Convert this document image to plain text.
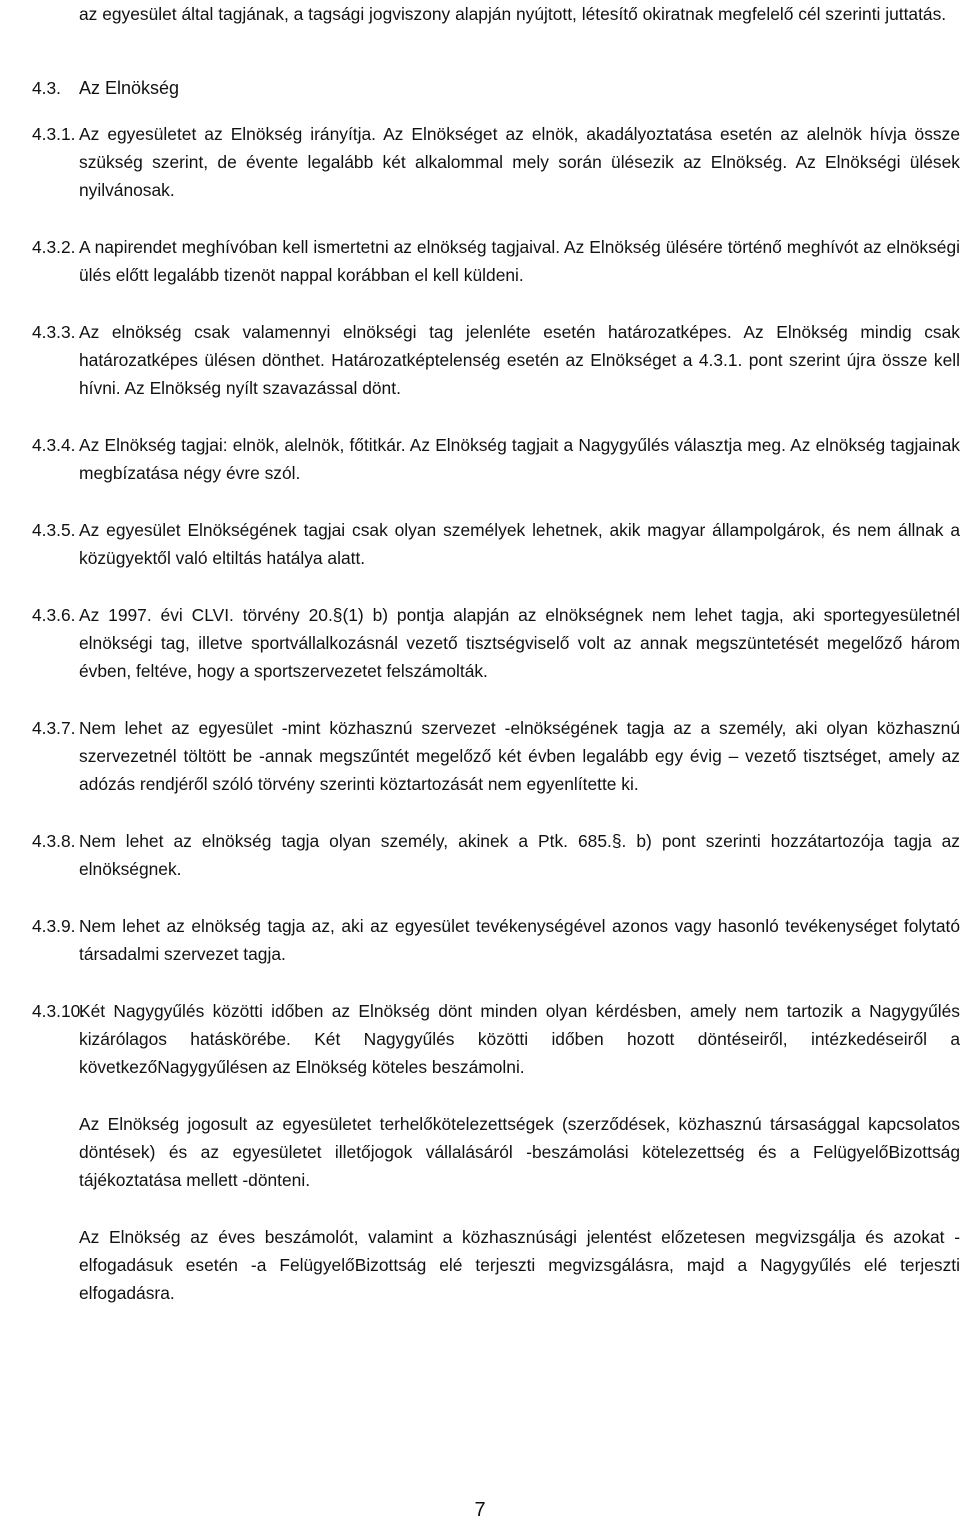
az egyesület által tagjának, a tagsági jogviszony alapján nyújtott, létesítő okiratnak megfelelő cél szerinti juttatás.

4.3. Az Elnökség
4.3.1. Az egyesületet az Elnökség irányítja. Az Elnökséget az elnök, akadályoztatása esetén az alelnök hívja össze szükség szerint, de évente legalább két alkalommal mely során ülésezik az Elnökség. Az Elnökségi ülések nyilvánosak.

4.3.2. A napirendet meghívóban kell ismertetni az elnökség tagjaival. Az Elnökség ülésére történő meghívót az elnökségi ülés előtt legalább tizenöt nappal korábban el kell küldeni.

4.3.3. Az elnökség csak valamennyi elnökségi tag jelenléte esetén határozatképes. Az Elnökség mindig csak határozatképes ülésen dönthet. Határozatképtelenség esetén az Elnökséget a 4.3.1. pont szerint újra össze kell hívni. Az Elnökség nyílt szavazással dönt.

4.3.4. Az Elnökség tagjai: elnök, alelnök, főtitkár. Az Elnökség tagjait a Nagygyűlés választja meg. Az elnökség tagjainak megbízatása négy évre szól.

4.3.5. Az egyesület Elnökségének tagjai csak olyan személyek lehetnek, akik magyar állampolgárok, és nem állnak a közügyektől való eltiltás hatálya alatt.

4.3.6. Az 1997. évi CLVI. törvény 20.§(1) b) pontja alapján az elnökségnek nem lehet tagja, aki sportegyesületnél elnökségi tag, illetve sportvállalkozásnál vezető tisztségviselő volt az annak megszüntetését megelőző három évben, feltéve, hogy a sportszervezetet felszámolták.

4.3.7. Nem lehet az egyesület -mint közhasznú szervezet -elnökségének tagja az a személy, aki olyan közhasznú szervezetnél töltött be -annak megszűntét megelőző két évben legalább egy évig – vezető tisztséget, amely az adózás rendjéről szóló törvény szerinti köztartozását nem egyenlítette ki.

4.3.8. Nem lehet az elnökség tagja olyan személy, akinek a Ptk. 685.§. b) pont szerinti hozzátartozója tagja az elnökségnek.

4.3.9. Nem lehet az elnökség tagja az, aki az egyesület tevékenységével azonos vagy hasonló tevékenységet folytató társadalmi szervezet tagja.

4.3.10.

Két Nagygyűlés közötti időben az Elnökség dönt minden olyan kérdésben, amely nem tartozik a Nagygyűlés kizárólagos hatáskörébe. Két Nagygyűlés közötti időben hozott döntéseiről, intézkedéseiről a következőNagygyűlésen az Elnökség köteles beszámolni.

Az Elnökség jogosult az egyesületet terhelőkötelezettségek (szerződések, közhasznú társasággal kapcsolatos döntések) és az egyesületet illetőjogok vállalásáról -beszámolási kötelezettség és a FelügyelőBizottság tájékoztatása mellett -dönteni.

Az Elnökség az éves beszámolót, valamint a közhasznúsági jelentést előzetesen megvizsgálja és azokat -elfogadásuk esetén -a FelügyelőBizottság elé terjeszti megvizsgálásra, majd a Nagygyűlés elé terjeszti elfogadásra.

7
